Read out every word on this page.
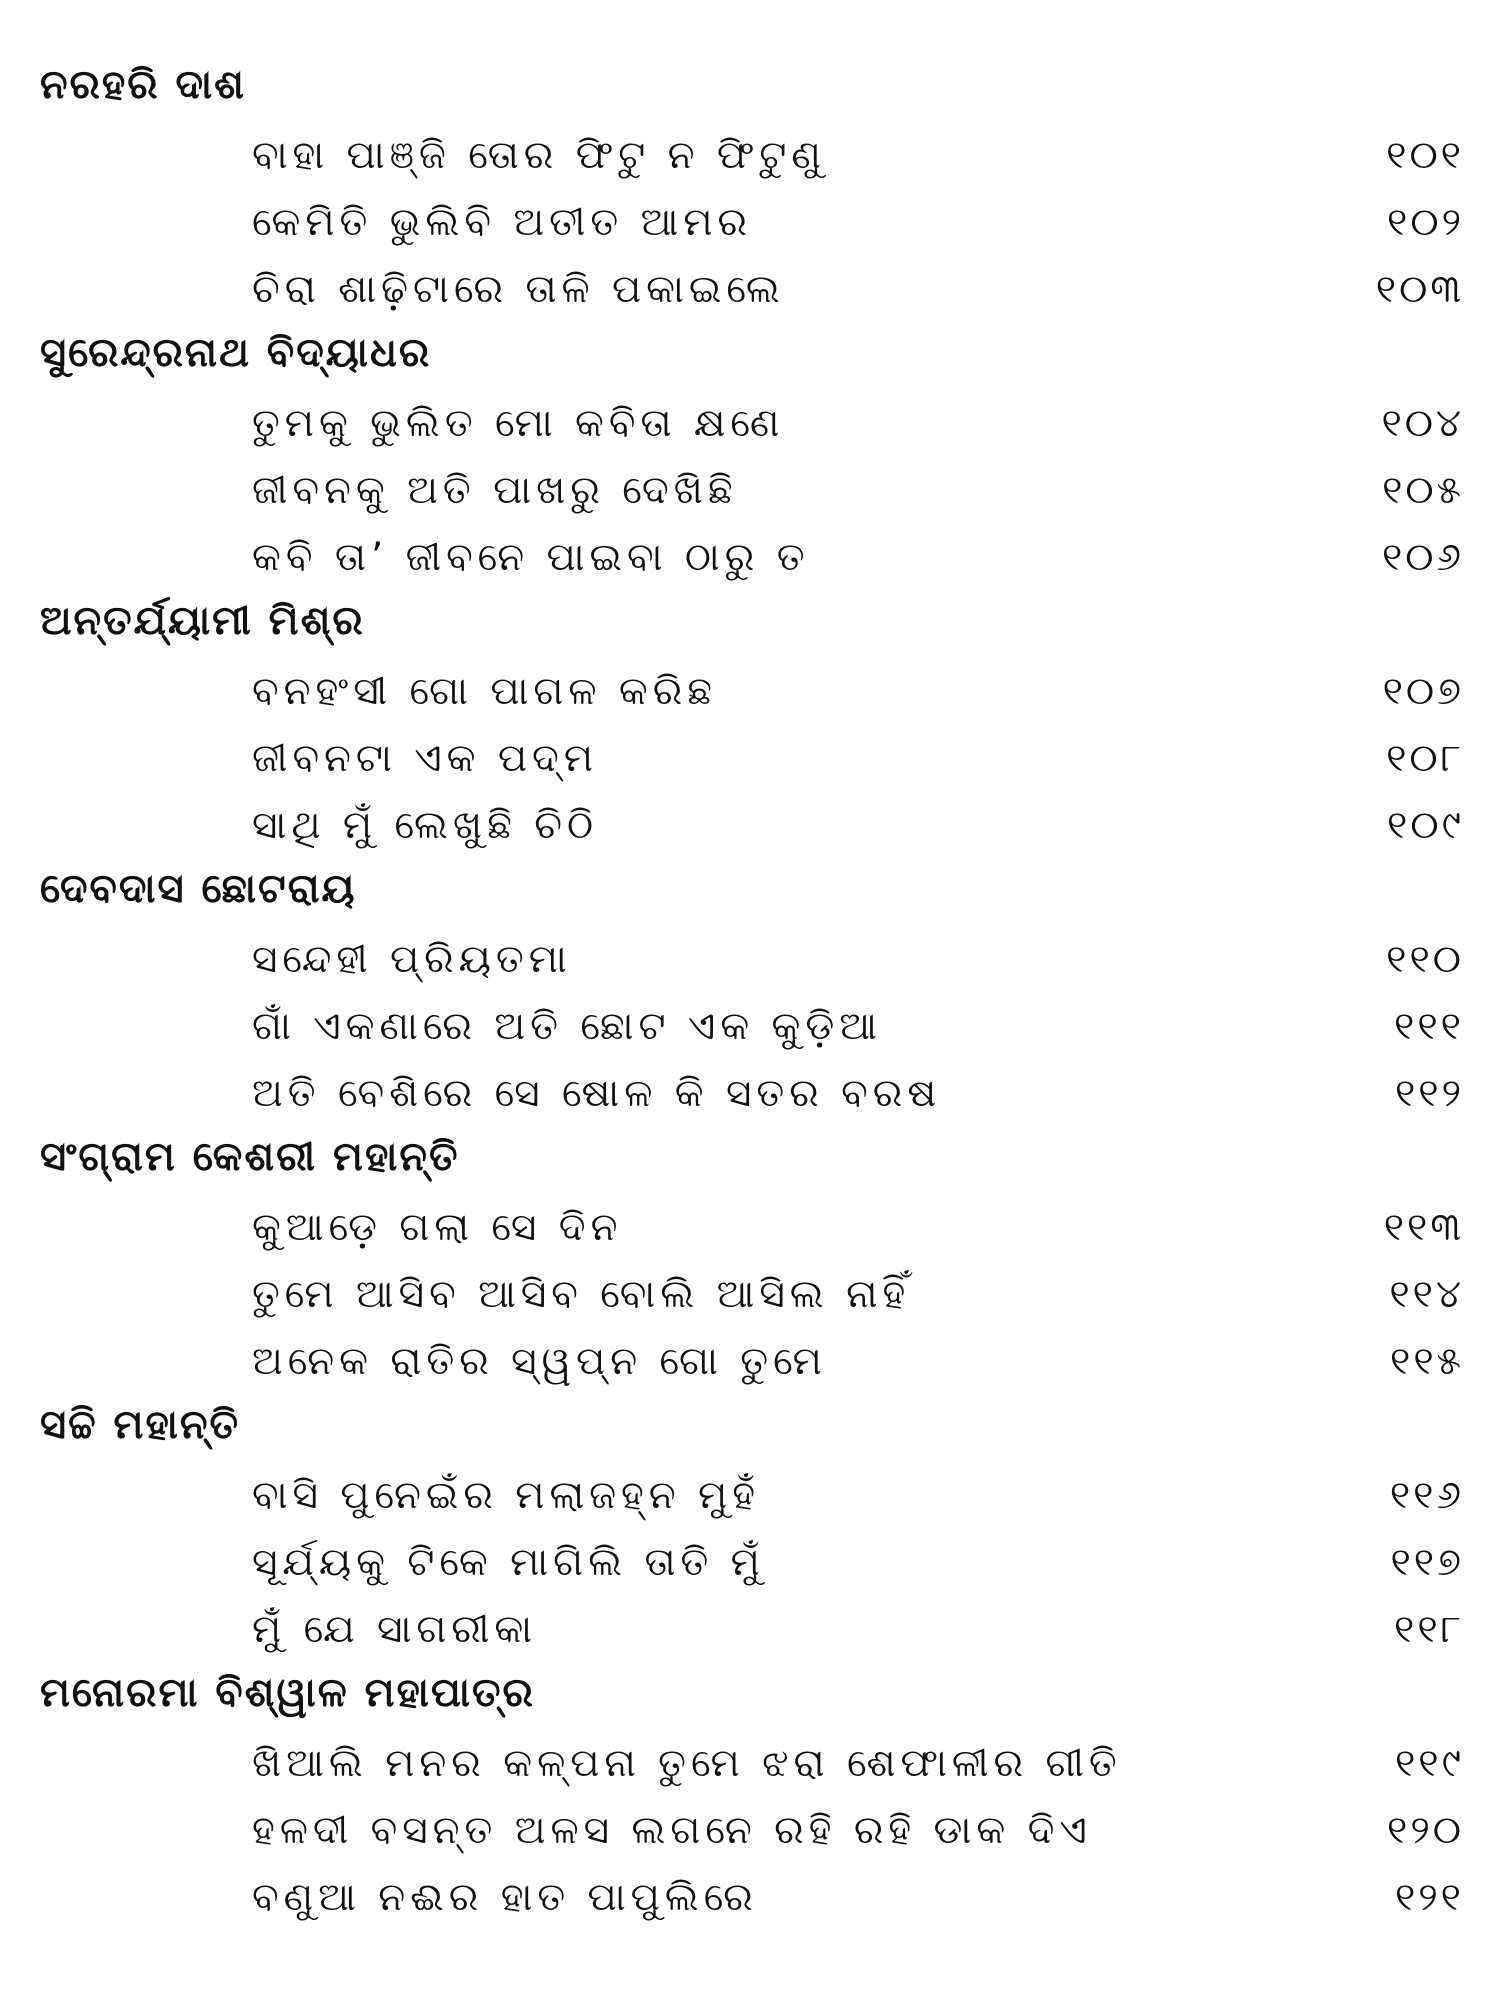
ନରହରି ଦାଶ
ବାହା ପାଞ୍ଜି ତୋର ଫିଟୁ ନ ଫିଟୁଣୁ	୧୦୧
କେମିତି ଭୁଲିବି ଅତୀତ ଆମର	୧୦୨
ଚିରା ଶାଢ଼ିଟାରେ ତାଳି ପକାଇଲେ	୧୦୩
ସୁରେନ୍ଦ୍ରନାଥ ବିଦ୍ୟାଧର
ତୁମକୁ ଭୁଲିତ ମୋ କବିତା କ୍ଷଣେ	୧୦୪
ଜୀବନକୁ ଅତି ପାଖରୁ ଦେଖିଛି	୧୦୫
କବି ତା’ ଜୀବନେ ପାଇବା ଠାରୁ ତ	୧୦୬
ଅନ୍ତର୍ଯ୍ୟାମୀ ମିଶ୍ର
ବନହଂସୀ ଗୋ ପାଗଳ କରିଛ	୧୦୭
ଜୀବନଟା ଏକ ପଦ୍ମ	୧୦୮
ସାଥି ମୁଁ ଲେଖୁଛି ଚିଠି	୧୦୯
ଦେବଦାସ ଛୋଟରାୟ
ସନ୍ଦେହୀ ପ୍ରିୟତମା	୧୧୦
ଗାଁ ଏକଣାରେ ଅତି ଛୋଟ ଏକ କୁଡ଼ିଆ	୧୧୧
ଅତି ବେଶିରେ ସେ ଷୋଳ କି ସତର ବରଷ	୧୧୨
ସଂଗ୍ରାମ କେଶରୀ ମହାନ୍ତି
କୁଆଡ଼େ ଗଲା ସେ ଦିନ	୧୧୩
ତୁମେ ଆସିବ ଆସିବ ବୋଲି ଆସିଲ ନାହିଁ	୧୧୪
ଅନେକ ରାତିର ସ୍ୱପ୍ନ ଗୋ ତୁମେ	୧୧୫
ସଚ୍ଚି ମହାନ୍ତି
ବାସି ପୁନେଇଁର ମଲାଜହ୍ନ ମୁହଁ	୧୧୬
ସୂର୍ଯ୍ୟକୁ ଟିକେ ମାଗିଲି ତାତି ମୁଁ	୧୧୭
ମୁଁ ଯେ ସାଗରୀକା	୧୧୮
ମନୋରମା ବିଶ୍ୱାଳ ମହାପାତ୍ର
ଖିଆଲି ମନର କଳ୍ପନା ତୁମେ ଝରା ଶେଫାଳୀର ଗୀତି	୧୧୯
ହଳଦୀ ବସନ୍ତ ଅଳସ ଲଗନେ ରହି ରହି ଡାକ ଦିଏ	୧୨୦
ବଣୁଆ ନଈର ହାତ ପାପୁଲିରେ	୧୨୧
